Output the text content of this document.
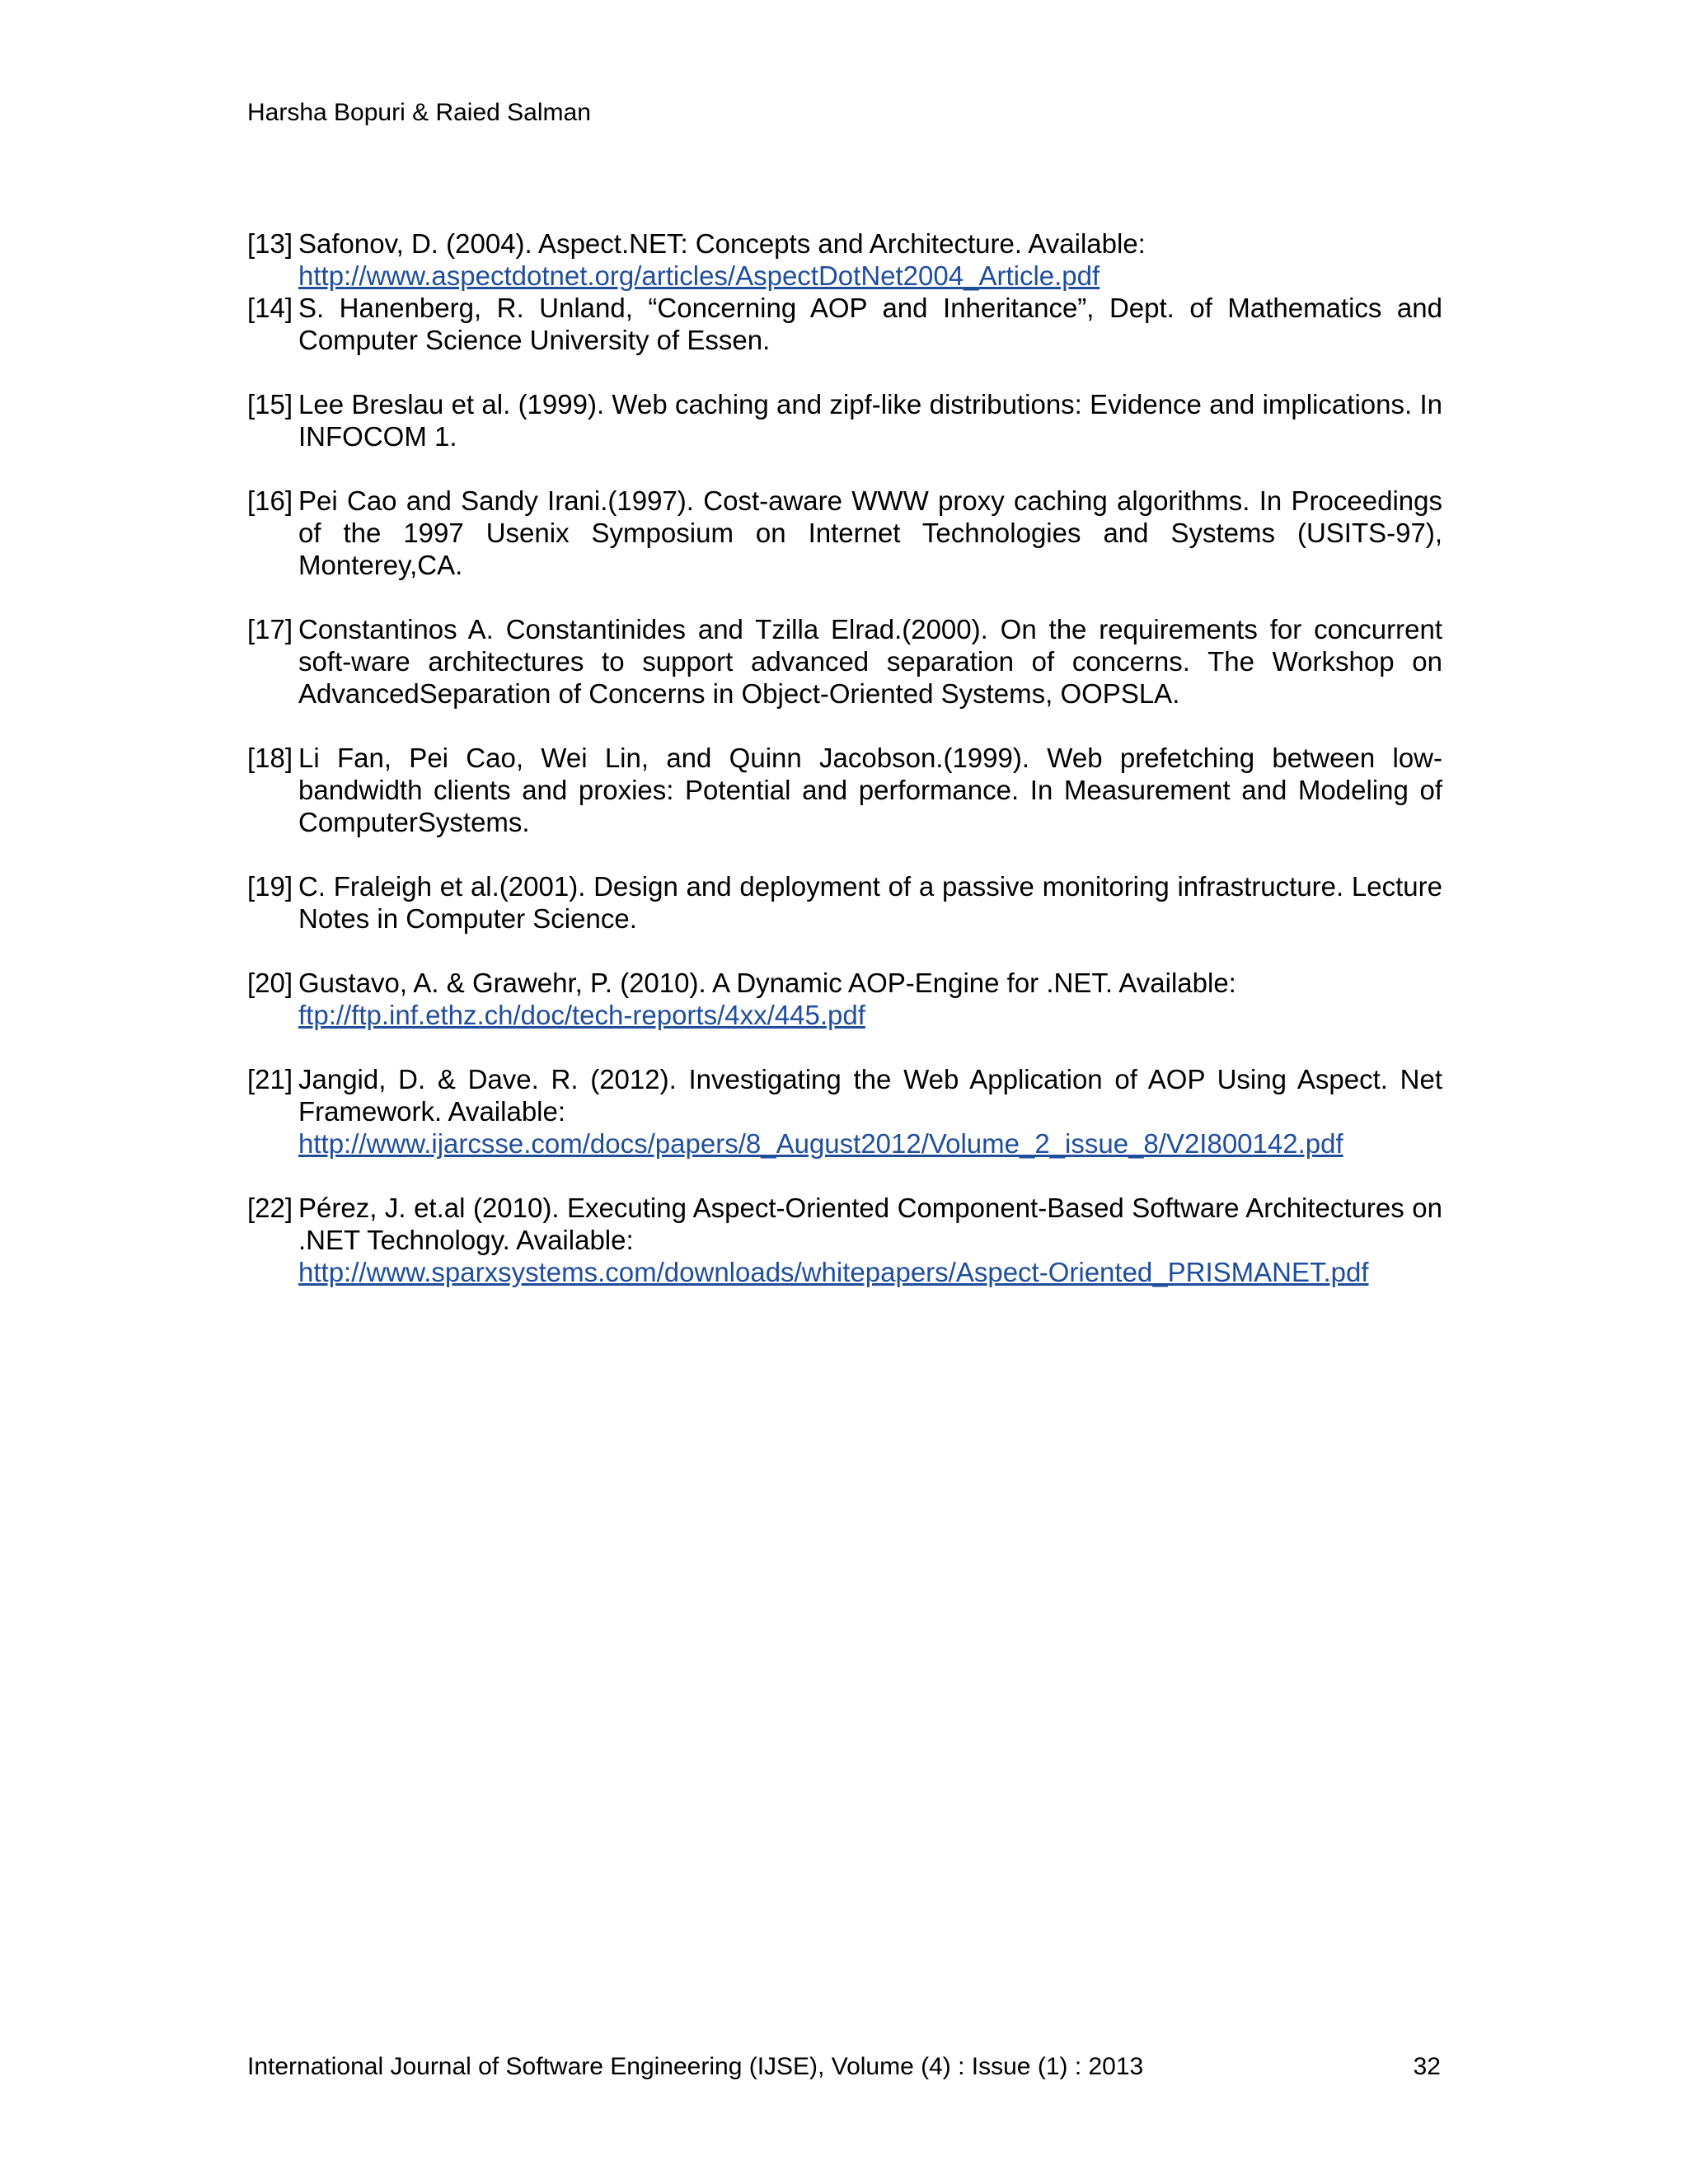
Harsha Bopuri & Raied Salman
[13] Safonov, D. (2004). Aspect.NET: Concepts and Architecture. Available:
http://www.aspectdotnet.org/articles/AspectDotNet2004_Article.pdf
[14] S. Hanenberg, R. Unland, “Concerning AOP and Inheritance”, Dept. of Mathematics and Computer Science University of Essen.
[15] Lee Breslau et al. (1999). Web caching and zipf-like distributions: Evidence and implications. In INFOCOM 1.
[16] Pei Cao and Sandy Irani.(1997). Cost-aware WWW proxy caching algorithms. In Proceedings of the 1997 Usenix Symposium on Internet Technologies and Systems (USITS-97), Monterey,CA.
[17] Constantinos A. Constantinides and Tzilla Elrad.(2000). On the requirements for concurrent soft-ware architectures to support advanced separation of concerns. The Workshop on AdvancedSeparation of Concerns in Object-Oriented Systems, OOPSLA.
[18] Li Fan, Pei Cao, Wei Lin, and Quinn Jacobson.(1999). Web prefetching between low-bandwidth clients and proxies: Potential and performance. In Measurement and Modeling of ComputerSystems.
[19] C. Fraleigh et al.(2001). Design and deployment of a passive monitoring infrastructure. Lecture Notes in Computer Science.
[20] Gustavo, A. & Grawehr, P. (2010). A Dynamic AOP-Engine for .NET. Available:
ftp://ftp.inf.ethz.ch/doc/tech-reports/4xx/445.pdf
[21] Jangid, D. & Dave. R. (2012). Investigating the Web Application of AOP Using Aspect. Net Framework. Available:
http://www.ijarcsse.com/docs/papers/8_August2012/Volume_2_issue_8/V2I800142.pdf
[22] Pérez, J. et.al (2010). Executing Aspect-Oriented Component-Based Software Architectures on .NET Technology. Available:
http://www.sparxsystems.com/downloads/whitepapers/Aspect-Oriented_PRISMANET.pdf
International Journal of Software Engineering (IJSE), Volume (4) : Issue (1) : 2013	32
